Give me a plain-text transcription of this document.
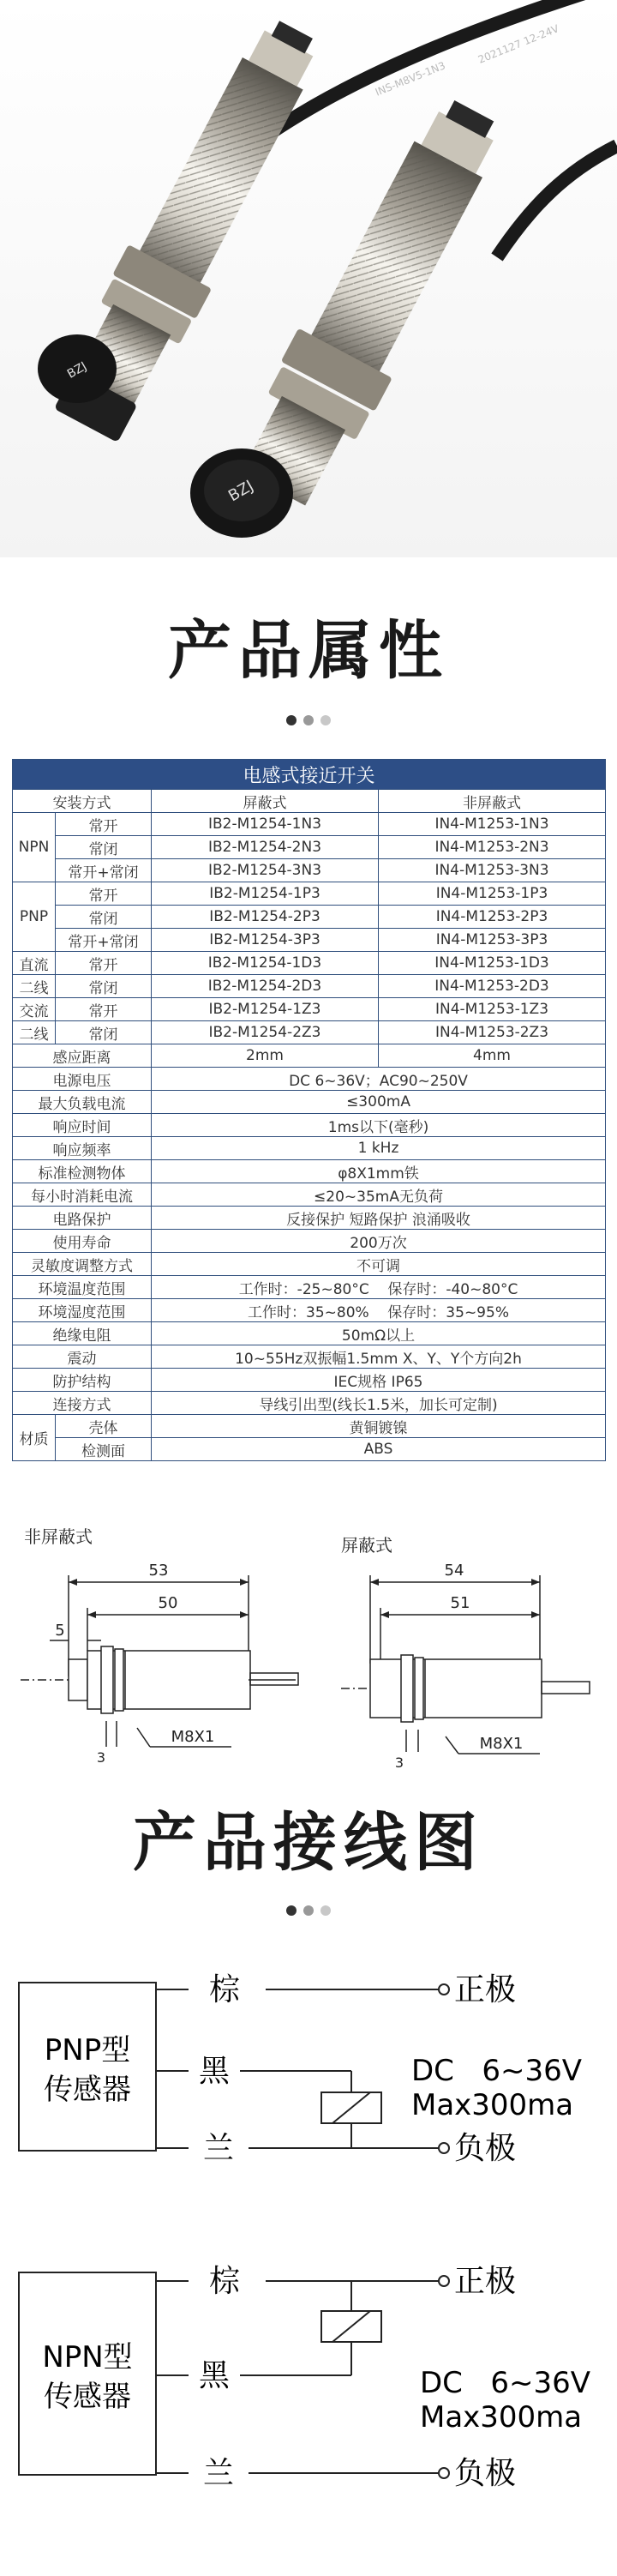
INS-M8V5-1N3
2021127 12-24V
BZJ
BZJ
产品属性
电感式接近开关			
安装方式		屏蔽式	非屏蔽式
NPN	常开	IB2-M1254-1N3	IN4-M1253-1N3
	常闭	IB2-M1254-2N3	IN4-M1253-2N3
	常开+常闭	IB2-M1254-3N3	IN4-M1253-3N3
PNP	常开	IB2-M1254-1P3	IN4-M1253-1P3
	常闭	IB2-M1254-2P3	IN4-M1253-2P3
	常开+常闭	IB2-M1254-3P3	IN4-M1253-3P3
直流	常开	IB2-M1254-1D3	IN4-M1253-1D3
二线	常闭	IB2-M1254-2D3	IN4-M1253-2D3
交流	常开	IB2-M1254-1Z3	IN4-M1253-1Z3
二线	常闭	IB2-M1254-2Z3	IN4-M1253-2Z3
感应距离		2mm	4mm
电源电压		DC 6~36V；AC90~250V	
最大负载电流		≤300mA	
响应时间		1ms以下(毫秒)	
响应频率		1 kHz	
标准检测物体		φ8X1mm铁	
每小时消耗电流		≤20~35mA无负荷	
电路保护		反接保护 短路保护 浪涌吸收	
使用寿命		200万次	
灵敏度调整方式		不可调	
环境温度范围		工作时：-25~80°C    保存时：-40~80°C	
环境湿度范围		工作时：35~80%    保存时：35~95%	
绝缘电阻		50mΩ以上	
震动		10~55Hz双振幅1.5mm X、Y、Y个方向2h	
防护结构		IEC规格 IP65	
连接方式		导线引出型(线长1.5米，加长可定制)	
材质	壳体	黄铜镀镍	
	检测面	ABS	
非屏蔽式
53
50
5
3
M8X1
屏蔽式
54
51
3
M8X1
产品接线图
PNP型
传感器
棕
黑
兰
正极
负极
DC   6~36V
Max300ma
NPN型
传感器
棕
黑
兰
正极
负极
DC   6~36V
Max300ma
